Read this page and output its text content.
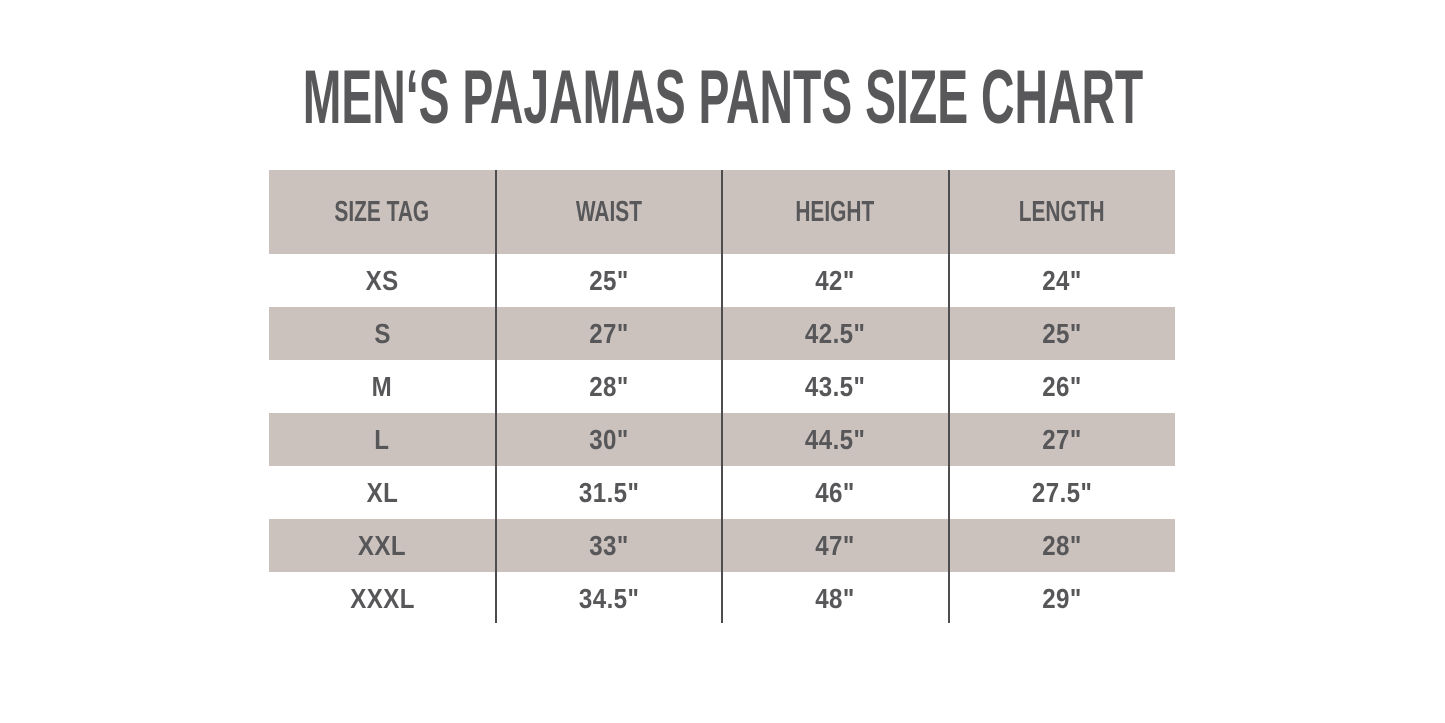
MEN‘S PAJAMAS PANTS SIZE CHART
SIZE TAG	WAIST	HEIGHT	LENGTH
XS	25"	42"	24"
S	27"	42.5"	25"
M	28"	43.5"	26"
L	30"	44.5"	27"
XL	31.5"	46"	27.5"
XXL	33"	47"	28"
XXXL	34.5"	48"	29"
